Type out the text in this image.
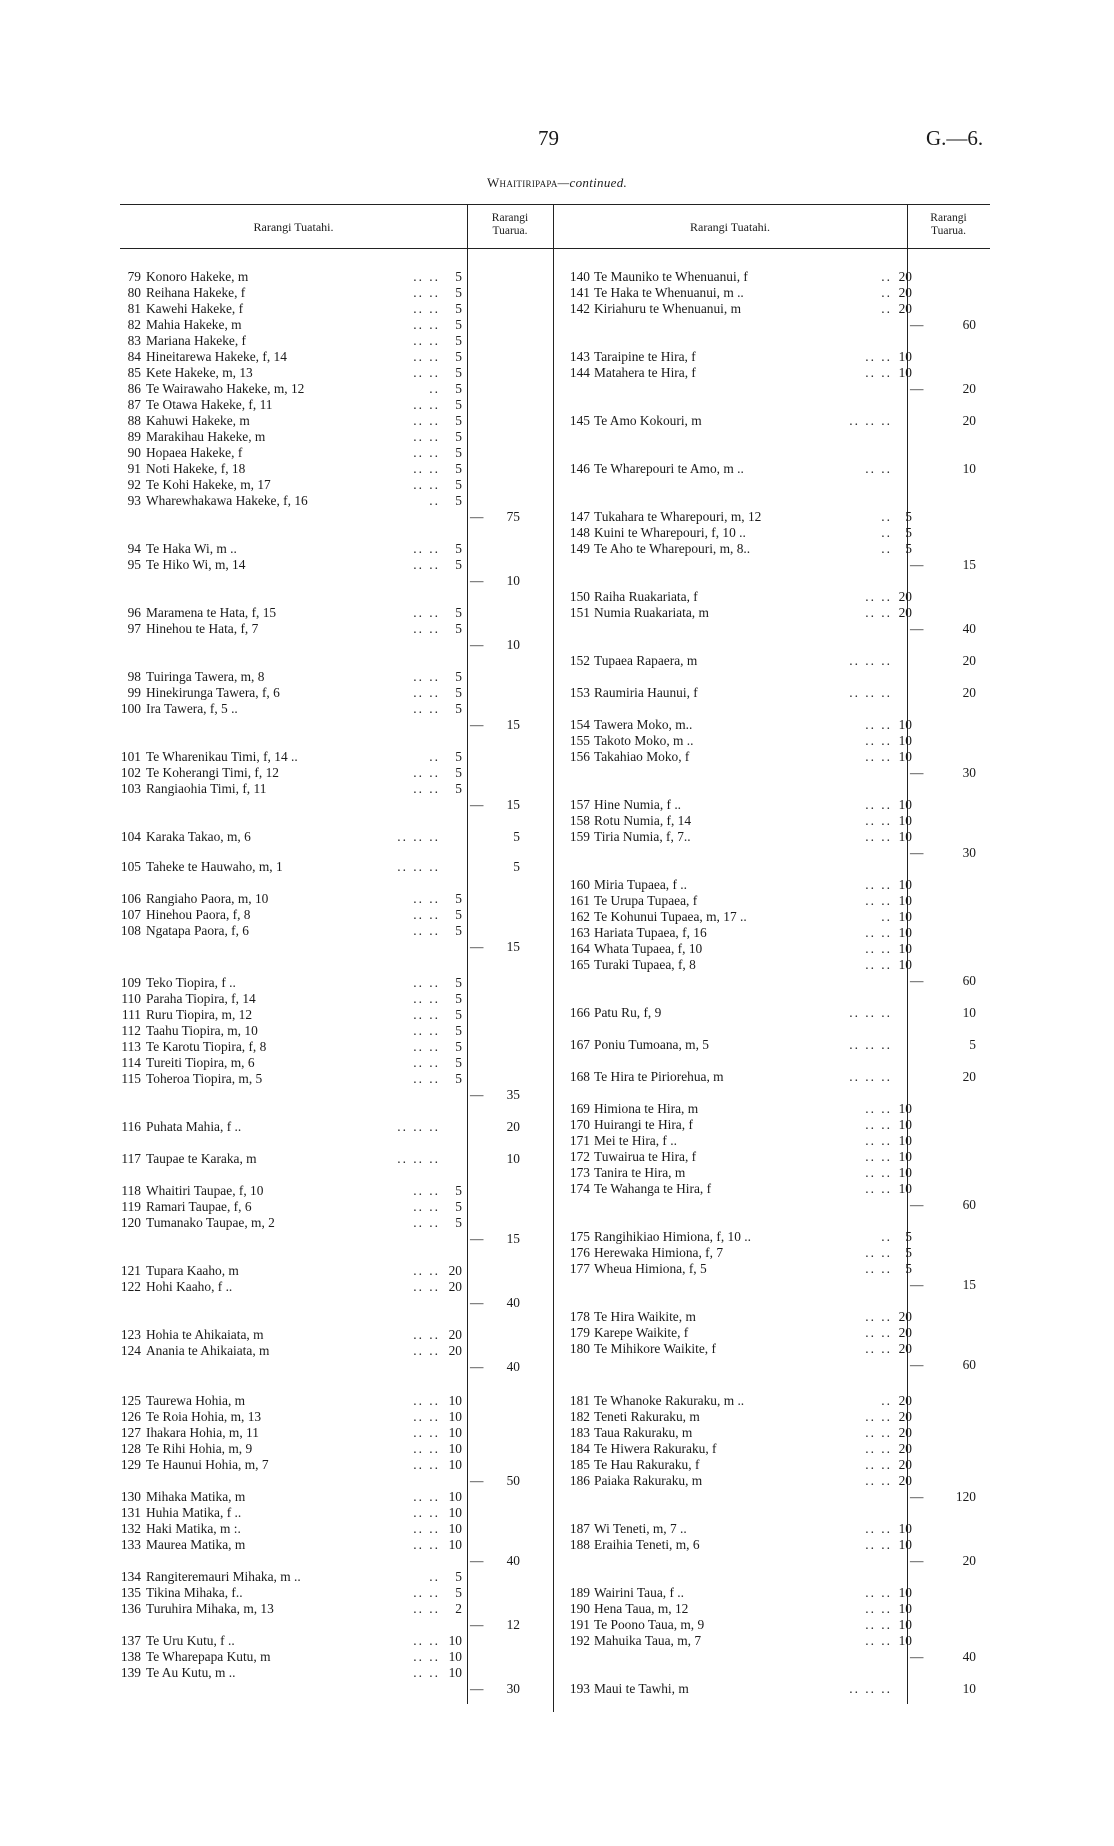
79	G.—6.
Whaitiripapa—continued.
Rarangi Tuatahi.
Rarangi
Tuarua.	Rarangi Tuatahi.
Rarangi
Tuarua.
79 Konoro Hakeke, m	.. ..	5
80 Reihana Hakeke, f	.. ..	5
81 Kawehi Hakeke, f	.. ..	5
82 Mahia Hakeke, m	.. ..	5
83 Mariana Hakeke, f	.. ..	5
84 Hineitarewa Hakeke, f, 14	.. ..	5
85 Kete Hakeke, m, 13	.. ..	5
86 Te Wairawaho Hakeke, m, 12	..	5
87 Te Otawa Hakeke, f, 11	.. ..	5
88 Kahuwi Hakeke, m	.. ..	5
89 Marakihau Hakeke, m	.. ..	5
90 Hopaea Hakeke, f	.. ..	5
91 Noti Hakeke, f, 18	.. ..	5
92 Te Kohi Hakeke, m, 17	.. ..	5
93 Wharewhakawa Hakeke, f, 16	..	5
—	75
94 Te Haka Wi, m ..	.. ..	5
95 Te Hiko Wi, m, 14	.. ..	5
—	10
96 Maramena te Hata, f, 15	.. ..	5
97 Hinehou te Hata, f, 7	.. ..	5
—	10
98 Tuiringa Tawera, m, 8	.. ..	5
99 Hinekirunga Tawera, f, 6	.. ..	5
100 Ira Tawera, f, 5 ..	.. ..	5
—	15
101 Te Wharenikau Timi, f, 14 ..	..	5
102 Te Koherangi Timi, f, 12	.. ..	5
103 Rangiaohia Timi, f, 11	.. ..	5
—	15
104 Karaka Takao, m, 6	.. .. ..	5
105 Taheke te Hauwaho, m, 1	.. .. ..	5
106 Rangiaho Paora, m, 10	.. ..	5
107 Hinehou Paora, f, 8	.. ..	5
108 Ngatapa Paora, f, 6	.. ..	5
—	15
109 Teko Tiopira, f ..	.. ..	5
110 Paraha Tiopira, f, 14	.. ..	5
111 Ruru Tiopira, m, 12	.. ..	5
112 Taahu Tiopira, m, 10	.. ..	5
113 Te Karotu Tiopira, f, 8	.. ..	5
114 Tureiti Tiopira, m, 6	.. ..	5
115 Toheroa Tiopira, m, 5	.. ..	5
—	35
116 Puhata Mahia, f ..	.. .. ..	20
117 Taupae te Karaka, m	.. .. ..	10
118 Whaitiri Taupae, f, 10	.. ..	5
119 Ramari Taupae, f, 6	.. ..	5
120 Tumanako Taupae, m, 2	.. ..	5
—	15
121 Tupara Kaaho, m	.. .. 20
122 Hohi Kaaho, f ..	.. .. 20
—	40
123 Hohia te Ahikaiata, m	.. .. 20
124 Anania te Ahikaiata, m	.. .. 20
—	40
125 Taurewa Hohia, m	.. .. 10
126 Te Roia Hohia, m, 13	.. .. 10
127 Ihakara Hohia, m, 11	.. .. 10
128 Te Rihi Hohia, m, 9	.. .. 10
129 Te Haunui Hohia, m, 7	.. .. 10
—	50
130 Mihaka Matika, m	.. .. 10
131 Huhia Matika, f ..	.. .. 10
132 Haki Matika, m :.	.. .. 10
133 Maurea Matika, m	.. .. 10
—	40
134 Rangiteremauri Mihaka, m ..	..	5
135 Tikina Mihaka, f..	.. ..	5
136 Turuhira Mihaka, m, 13	.. ..	2
—	12
137 Te Uru Kutu, f ..	.. .. 10
138 Te Wharepapa Kutu, m	.. .. 10
139 Te Au Kutu, m ..	.. .. 10
—	30
140 Te Mauniko te Whenuanui, f	.. 20
141 Te Haka te Whenuanui, m ..	.. 20
142 Kiriahuru te Whenuanui, m	.. 20
—	60
143 Taraipine te Hira, f	.. .. 10
144 Matahera te Hira, f	.. .. 10
—	20
145 Te Amo Kokouri, m	.. .. ..	20
146 Te Wharepouri te Amo, m ..	.. ..	10
147 Tukahara te Wharepouri, m, 12	.. 5
148 Kuini te Wharepouri, f, 10 ..	.. 5
149 Te Aho te Wharepouri, m, 8..	.. 5
—	15
150 Raiha Ruakariata, f	.. .. 20
151 Numia Ruakariata, m	.. .. 20
—	40
152 Tupaea Rapaera, m	.. .. ..	20
153 Raumiria Haunui, f	.. .. ..	20
154 Tawera Moko, m..	.. .. 10
155 Takoto Moko, m ..	.. .. 10
156 Takahiao Moko, f	.. .. 10
—	30
157 Hine Numia, f ..	.. .. 10
158 Rotu Numia, f, 14	.. .. 10
159 Tiria Numia, f, 7..	.. .. 10
—	30
160 Miria Tupaea, f ..	.. .. 10
161 Te Urupa Tupaea, f	.. .. 10
162 Te Kohunui Tupaea, m, 17 ..	.. 10
163 Hariata Tupaea, f, 16	.. .. 10
164 Whata Tupaea, f, 10	.. .. 10
165 Turaki Tupaea, f, 8	.. .. 10
—	60
166 Patu Ru, f, 9	.. .. ..	10
167 Poniu Tumoana, m, 5	.. .. ..	5
168 Te Hira te Piriorehua, m	.. .. ..	20
169 Himiona te Hira, m	.. .. 10
170 Huirangi te Hira, f	.. .. 10
171 Mei te Hira, f ..	.. .. 10
172 Tuwairua te Hira, f	.. .. 10
173 Tanira te Hira, m	.. .. 10
174 Te Wahanga te Hira, f	.. .. 10
—	60
175 Rangihikiao Himiona, f, 10 ..	.. 5
176 Herewaka Himiona, f, 7	.. .. 5
177 Wheua Himiona, f, 5	.. .. 5
—	15
178 Te Hira Waikite, m	.. .. 20
179 Karepe Waikite, f	.. .. 20
180 Te Mihikore Waikite, f	.. .. 20
—	60
181 Te Whanoke Rakuraku, m ..	.. 20
182 Teneti Rakuraku, m	.. .. 20
183 Taua Rakuraku, m	.. .. 20
184 Te Hiwera Rakuraku, f	.. .. 20
185 Te Hau Rakuraku, f	.. .. 20
186 Paiaka Rakuraku, m	.. .. 20
—	120
187 Wi Teneti, m, 7 ..	.. .. 10
188 Eraihia Teneti, m, 6	.. .. 10
—	20
189 Wairini Taua, f ..	.. .. 10
190 Hena Taua, m, 12	.. .. 10
191 Te Poono Taua, m, 9	.. .. 10
192 Mahuika Taua, m, 7	.. .. 10
—	40
193 Maui te Tawhi, m	.. .. ..	10
